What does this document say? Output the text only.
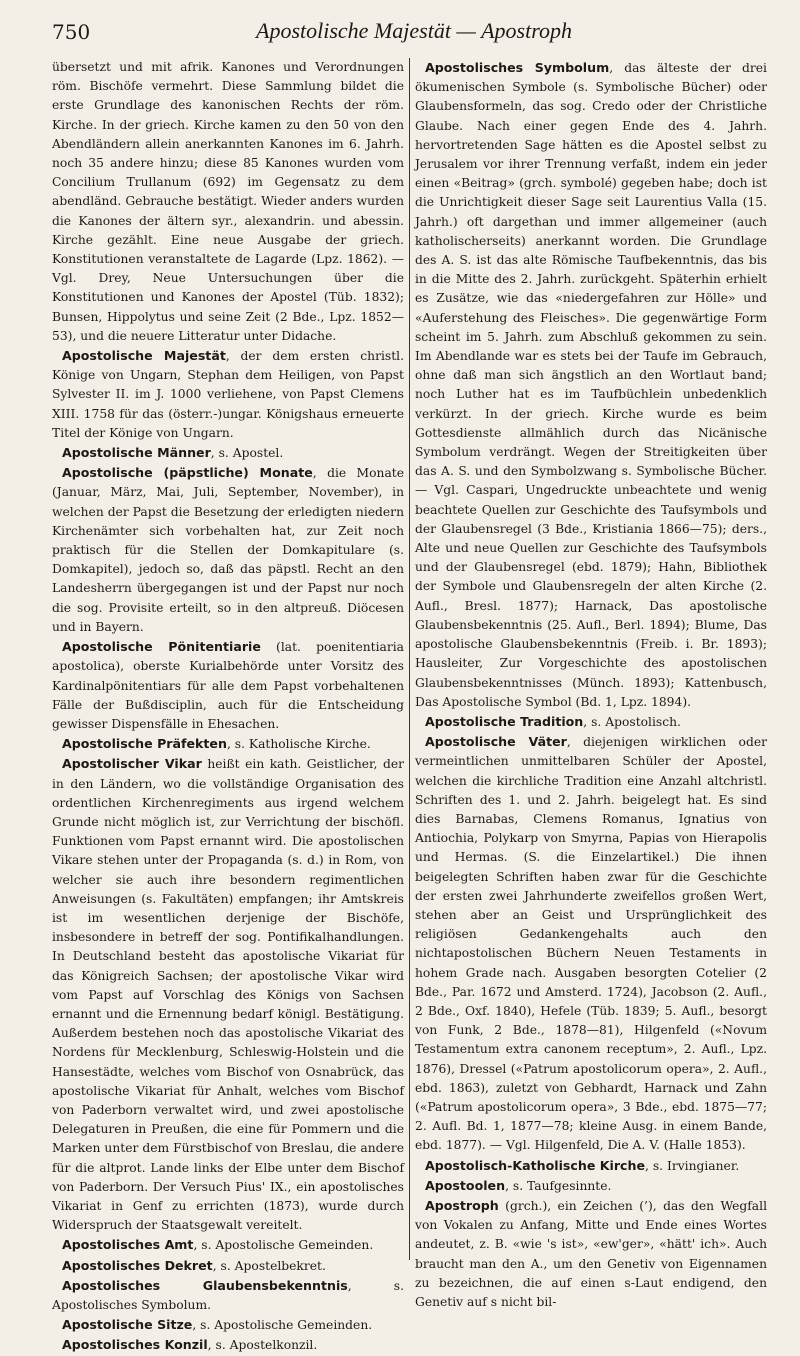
750	Apostolische Majestät — Apostroph

übersetzt und mit afrik. Kanones und Verordnungen röm. Bischöfe vermehrt. Diese Sammlung bildet die erste Grundlage des kanonischen Rechts der röm. Kirche. In der griech. Kirche kamen zu den 50 von den Abendländern allein anerkannten Kanones im 6. Jahrh. noch 35 andere hinzu; diese 85 Kanones wurden vom Concilium Trullanum (692) im Gegensatz zu dem abendländ. Gebrauche bestätigt. Wieder anders wurden die Kanones der ältern syr., alexandrin. und abessin. Kirche gezählt. Eine neue Ausgabe der griech. Konstitutionen veranstaltete de Lagarde (Lpz. 1862). — Vgl. Drey, Neue Untersuchungen über die Konstitutionen und Kanones der Apostel (Tüb. 1832); Bunsen, Hippolytus und seine Zeit (2 Bde., Lpz. 1852—53), und die neuere Litteratur unter Didache.

Apostolische Majestät, der dem ersten christl. Könige von Ungarn, Stephan dem Heiligen, von Papst Sylvester II. im J. 1000 verliehene, von Papst Clemens XIII. 1758 für das (österr.-)ungar. Königshaus erneuerte Titel der Könige von Ungarn.

Apostolische Männer, s. Apostel.

Apostolische (päpstliche) Monate, die Monate (Januar, März, Mai, Juli, September, November), in welchen der Papst die Besetzung der erledigten niedern Kirchenämter sich vorbehalten hat, zur Zeit noch praktisch für die Stellen der Domkapitulare (s. Domkapitel), jedoch so, daß das päpstl. Recht an den Landesherrn übergegangen ist und der Papst nur noch die sog. Provisite erteilt, so in den altpreuß. Diöcesen und in Bayern.

Apostolische Pönitentiarie (lat. poenitentiaria apostolica), oberste Kurialbehörde unter Vorsitz des Kardinalpönitentiars für alle dem Papst vorbehaltenen Fälle der Bußdisciplin, auch für die Entscheidung gewisser Dispensfälle in Ehesachen.

Apostolische Präfekten, s. Katholische Kirche.

Apostolischer Vikar heißt ein kath. Geistlicher, der in den Ländern, wo die vollständige Organisation des ordentlichen Kirchenregiments aus irgend welchem Grunde nicht möglich ist, zur Verrichtung der bischöfl. Funktionen vom Papst ernannt wird. Die apostolischen Vikare stehen unter der Propaganda (s. d.) in Rom, von welcher sie auch ihre besondern regimentlichen Anweisungen (s. Fakultäten) empfangen; ihr Amtskreis ist im wesentlichen derjenige der Bischöfe, insbesondere in betreff der sog. Pontifikalhandlungen. In Deutschland besteht das apostolische Vikariat für das Königreich Sachsen; der apostolische Vikar wird vom Papst auf Vorschlag des Königs von Sachsen ernannt und die Ernennung bedarf königl. Bestätigung. Außerdem bestehen noch das apostolische Vikariat des Nordens für Mecklenburg, Schleswig-Holstein und die Hansestädte, welches vom Bischof von Osnabrück, das apostolische Vikariat für Anhalt, welches vom Bischof von Paderborn verwaltet wird, und zwei apostolische Delegaturen in Preußen, die eine für Pommern und die Marken unter dem Fürstbischof von Breslau, die andere für die altprot. Lande links der Elbe unter dem Bischof von Paderborn. Der Versuch Pius' IX., ein apostolisches Vikariat in Genf zu errichten (1873), wurde durch Widerspruch der Staatsgewalt vereitelt.

Apostolisches Amt, s. Apostolische Gemeinden.

Apostolisches Dekret, s. Apostelbekret.

Apostolisches Glaubensbekenntnis, s. Apostolisches Symbolum.

Apostolische Sitze, s. Apostolische Gemeinden.

Apostolisches Konzil, s. Apostelkonzil.

Apostolisches Symbolum, das älteste der drei ökumenischen Symbole (s. Symbolische Bücher) oder Glaubensformeln, das sog. Credo oder der Christliche Glaube. Nach einer gegen Ende des 4. Jahrh. hervortretenden Sage hätten es die Apostel selbst zu Jerusalem vor ihrer Trennung verfaßt, indem ein jeder einen «Beitrag» (grch. symbolé) gegeben habe; doch ist die Unrichtigkeit dieser Sage seit Laurentius Valla (15. Jahrh.) oft dargethan und immer allgemeiner (auch katholischerseits) anerkannt worden. Die Grundlage des A. S. ist das alte Römische Taufbekenntnis, das bis in die Mitte des 2. Jahrh. zurückgeht. Späterhin erhielt es Zusätze, wie das «niedergefahren zur Hölle» und «Auferstehung des Fleisches». Die gegenwärtige Form scheint im 5. Jahrh. zum Abschluß gekommen zu sein. Im Abendlande war es stets bei der Taufe im Gebrauch, ohne daß man sich ängstlich an den Wortlaut band; noch Luther hat es im Taufbüchlein unbedenklich verkürzt. In der griech. Kirche wurde es beim Gottesdienste allmählich durch das Nicänische Symbolum verdrängt. Wegen der Streitigkeiten über das A. S. und den Symbolzwang s. Symbolische Bücher. — Vgl. Caspari, Ungedruckte unbeachtete und wenig beachtete Quellen zur Geschichte des Taufsymbols und der Glaubensregel (3 Bde., Kristiania 1866—75); ders., Alte und neue Quellen zur Geschichte des Taufsymbols und der Glaubensregel (ebd. 1879); Hahn, Bibliothek der Symbole und Glaubensregeln der alten Kirche (2. Aufl., Bresl. 1877); Harnack, Das apostolische Glaubensbekenntnis (25. Aufl., Berl. 1894); Blume, Das apostolische Glaubensbekenntnis (Freib. i. Br. 1893); Hausleiter, Zur Vorgeschichte des apostolischen Glaubensbekenntnisses (Münch. 1893); Kattenbusch, Das Apostolische Symbol (Bd. 1, Lpz. 1894).

Apostolische Tradition, s. Apostolisch.

Apostolische Väter, diejenigen wirklichen oder vermeintlichen unmittelbaren Schüler der Apostel, welchen die kirchliche Tradition eine Anzahl altchristl. Schriften des 1. und 2. Jahrh. beigelegt hat. Es sind dies Barnabas, Clemens Romanus, Ignatius von Antiochia, Polykarp von Smyrna, Papias von Hierapolis und Hermas. (S. die Einzelartikel.) Die ihnen beigelegten Schriften haben zwar für die Geschichte der ersten zwei Jahrhunderte zweifellos großen Wert, stehen aber an Geist und Ursprünglichkeit des religiösen Gedankengehalts auch den nichtapostolischen Büchern Neuen Testaments in hohem Grade nach. Ausgaben besorgten Cotelier (2 Bde., Par. 1672 und Amsterd. 1724), Jacobson (2. Aufl., 2 Bde., Oxf. 1840), Hefele (Tüb. 1839; 5. Aufl., besorgt von Funk, 2 Bde., 1878—81), Hilgenfeld («Novum Testamentum extra canonem receptum», 2. Aufl., Lpz. 1876), Dressel («Patrum apostolicorum opera», 2. Aufl., ebd. 1863), zuletzt von Gebhardt, Harnack und Zahn («Patrum apostolicorum opera», 3 Bde., ebd. 1875—77; 2. Aufl. Bd. 1, 1877—78; kleine Ausg. in einem Bande, ebd. 1877). — Vgl. Hilgenfeld, Die A. V. (Halle 1853).

Apostolisch-Katholische Kirche, s. Irvingianer.

Apostoolen, s. Taufgesinnte.

Apostroph (grch.), ein Zeichen (’), das den Wegfall von Vokalen zu Anfang, Mitte und Ende eines Wortes andeutet, z. B. «wie 's ist», «ew'ger», «hätt' ich». Auch braucht man den A., um den Genetiv von Eigennamen zu bezeichnen, die auf einen s-Laut endigend, den Genetiv auf s nicht bil-
